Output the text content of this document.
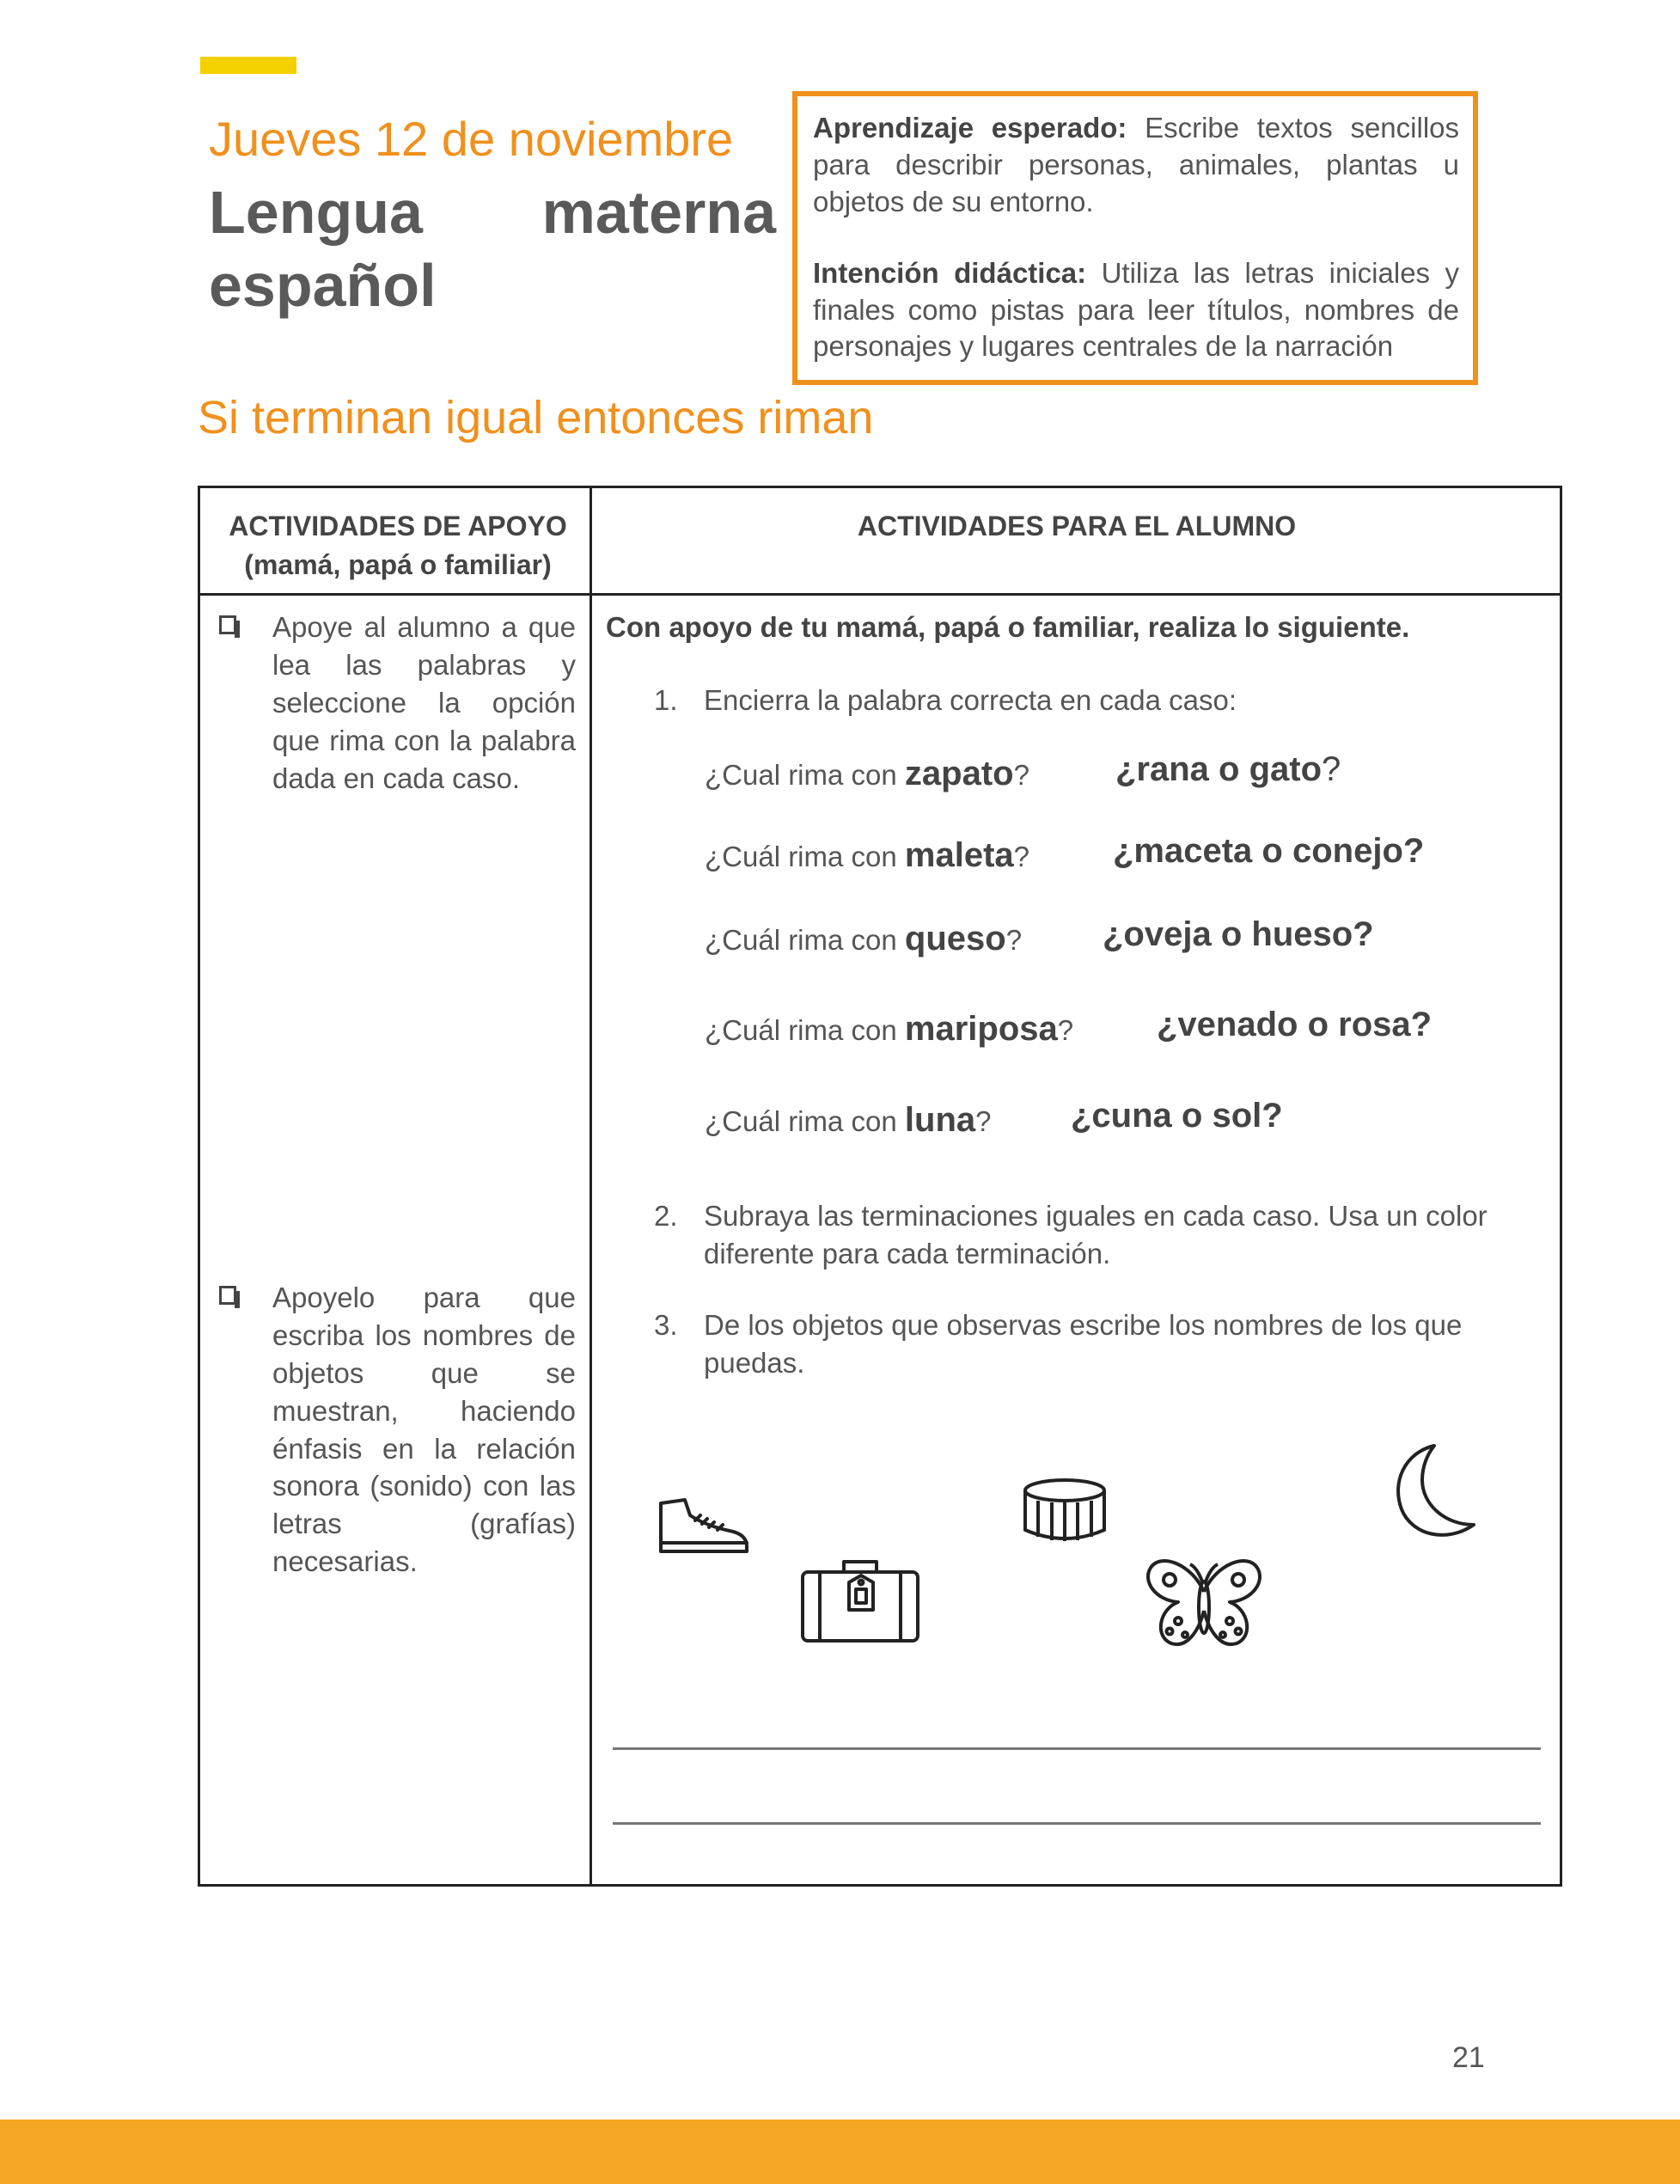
Jueves 12 de noviembre
Lengua materna
español

Aprendizaje esperado: Escribe textos sencillos para describir personas, animales, plantas u objetos de su entorno.

Intención didáctica: Utiliza las letras iniciales y finales como pistas para leer títulos, nombres de personajes y lugares centrales de la narración

Si terminan igual entonces riman
ACTIVIDADES DE APOYO
(mamá, papá o familiar)
ACTIVIDADES PARA EL ALUMNO
Apoye al alumno a que lea las palabras y seleccione la opción que rima con la palabra dada en cada caso.
Apoyelo para que escriba los nombres de objetos que se muestran, haciendo énfasis en la relación sonora (sonido) con las letras (grafías) necesarias.
Con apoyo de tu mamá, papá o familiar, realiza lo siguiente.
1. Encierra la palabra correcta en cada caso:
¿Cual rima con zapato?	¿rana o gato?
¿Cuál rima con maleta? ¿maceta o conejo?
¿Cuál rima con queso? ¿oveja o hueso?
¿Cuál rima con mariposa? ¿venado o rosa?
¿Cuál rima con luna? ¿cuna o sol?
2. Subraya las terminaciones iguales en cada caso. Usa un color diferente para cada terminación.
3. De los objetos que observas escribe los nombres de los que puedas.
21
